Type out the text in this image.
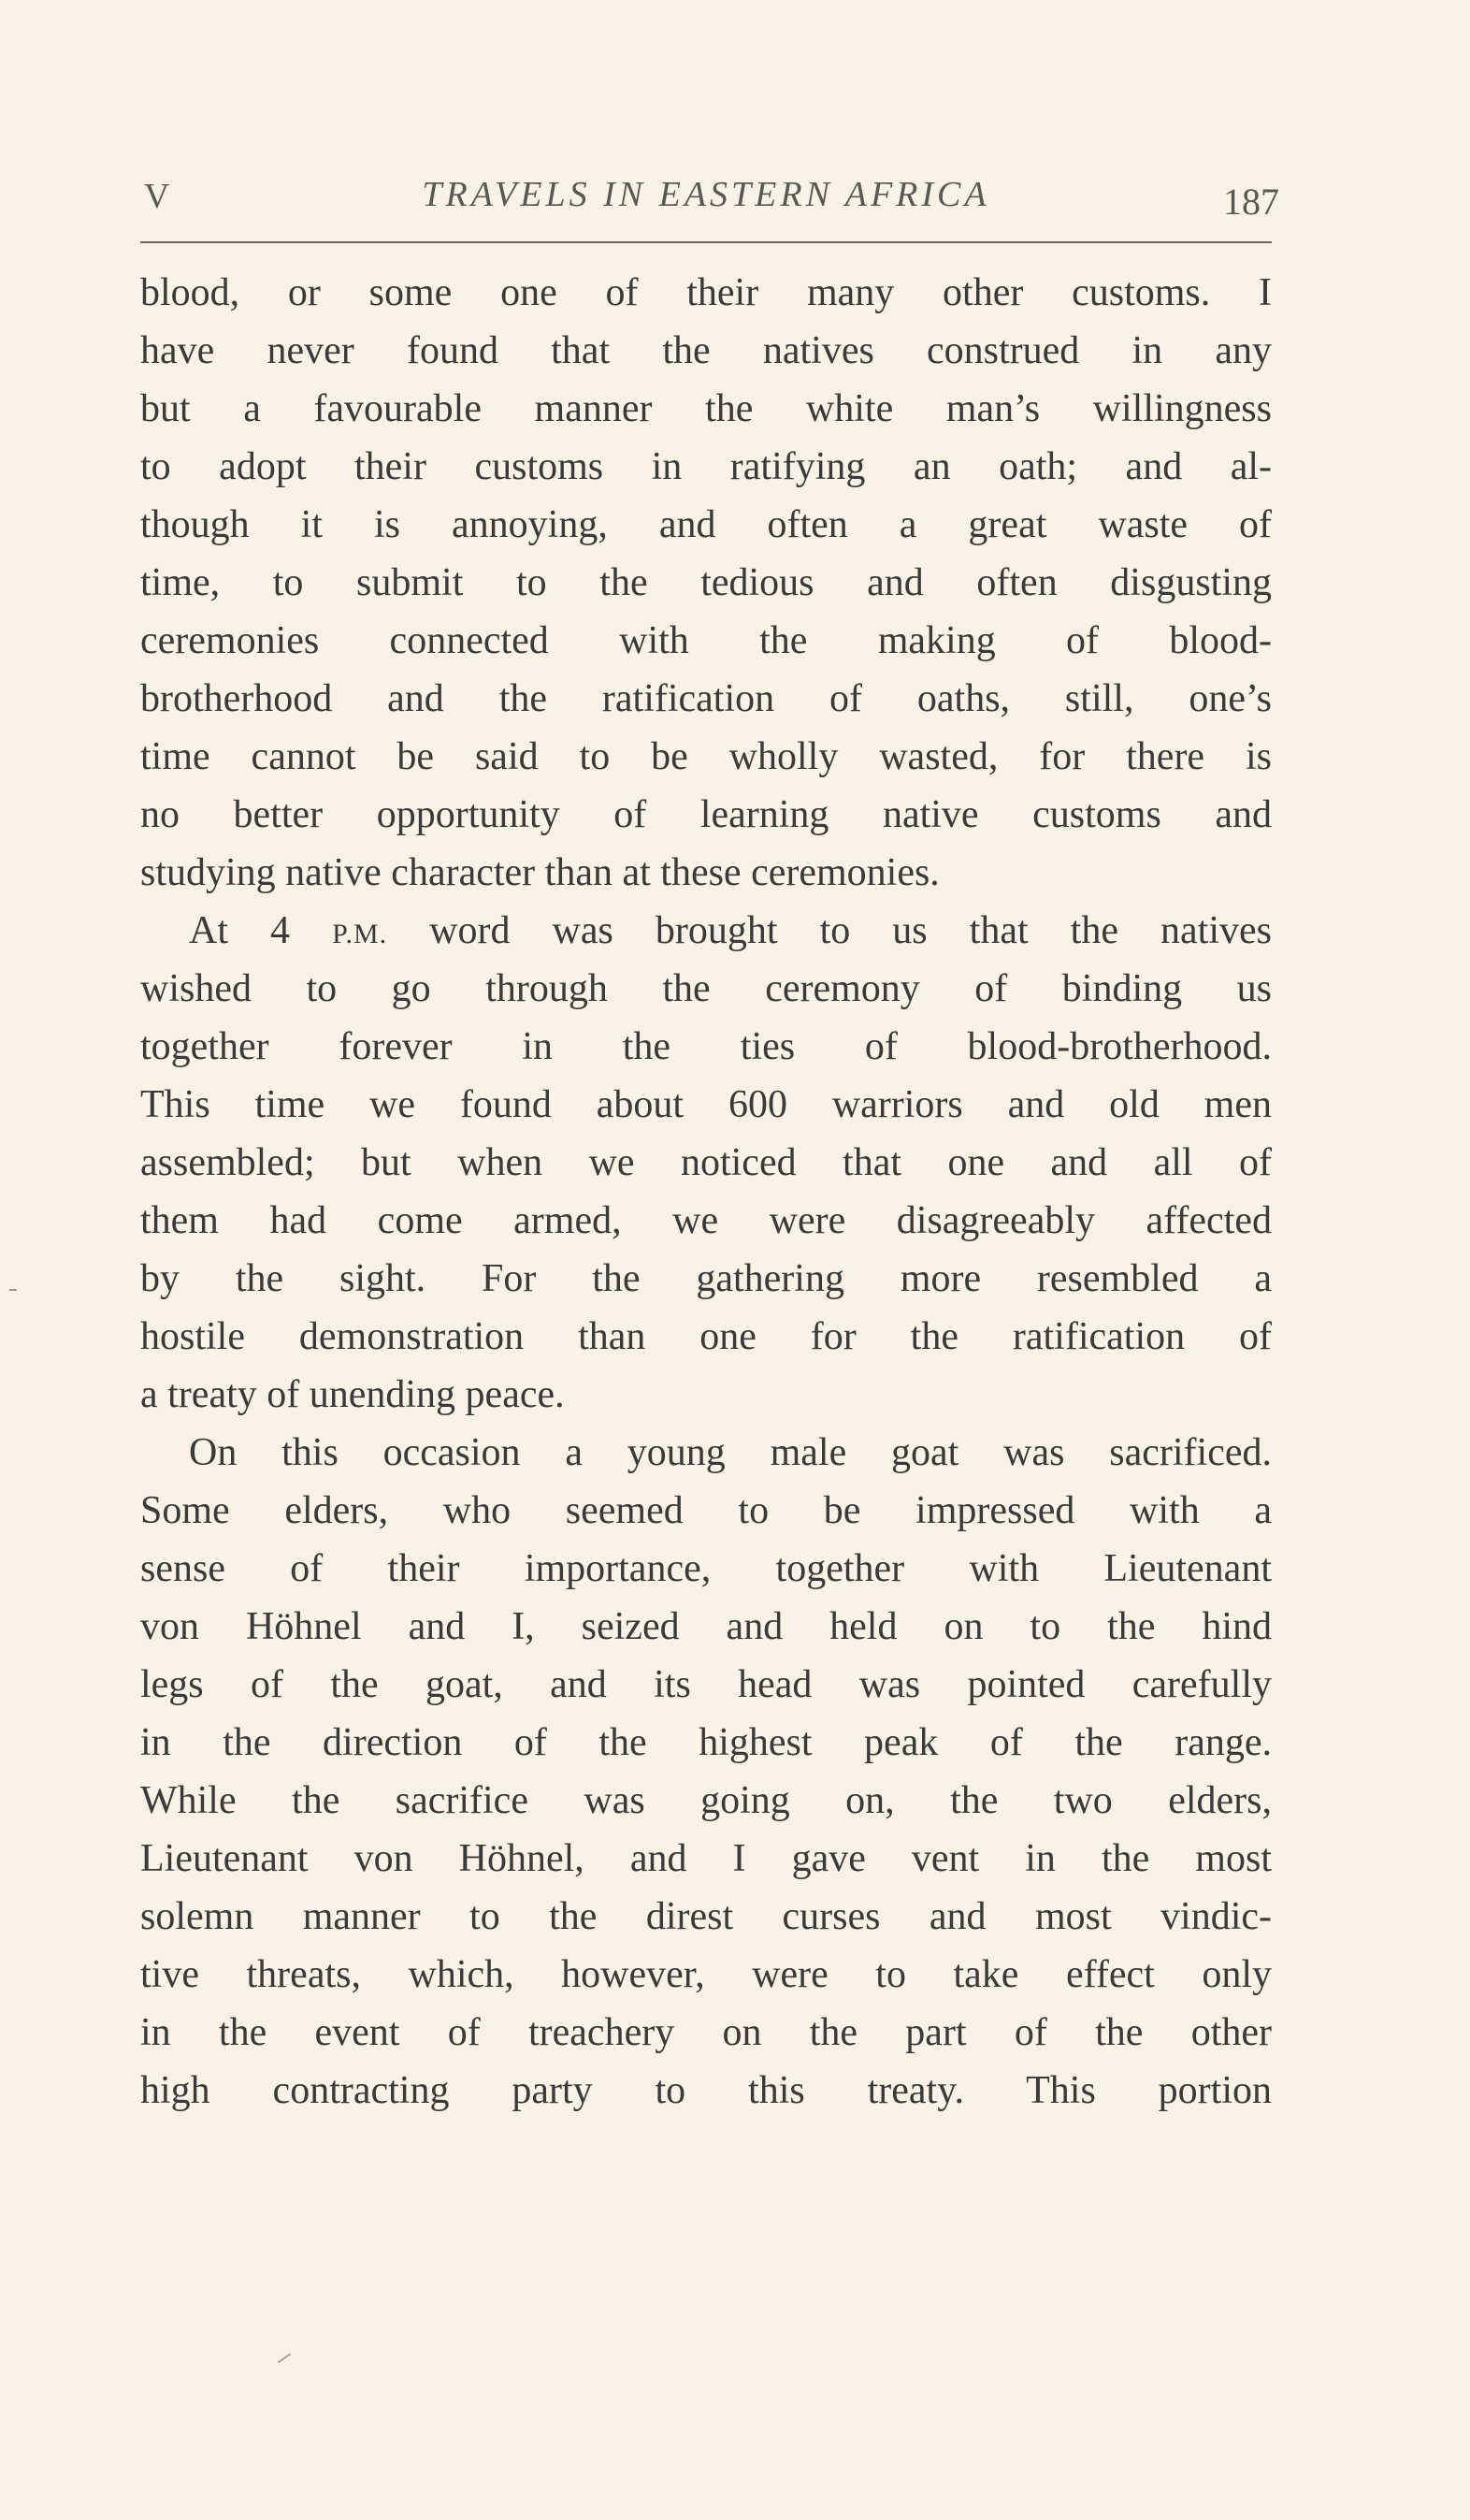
V	TRAVELS IN EASTERN AFRICA	187
blood, or some one of their many other customs. I
have never found that the natives construed in any
but a favourable manner the white man’s willingness
to adopt their customs in ratifying an oath; and al-
though it is annoying, and often a great waste of
time, to submit to the tedious and often disgusting
ceremonies connected with the making of blood-
brotherhood and the ratification of oaths, still, one’s
time cannot be said to be wholly wasted, for there is
no better opportunity of learning native customs and
studying native character than at these ceremonies.
At 4 P.M. word was brought to us that the natives
wished to go through the ceremony of binding us
together forever in the ties of blood-brotherhood.
This time we found about 600 warriors and old men
assembled; but when we noticed that one and all of
them had come armed, we were disagreeably affected
by the sight. For the gathering more resembled a
hostile demonstration than one for the ratification of
a treaty of unending peace.
On this occasion a young male goat was sacrificed.
Some elders, who seemed to be impressed with a
sense of their importance, together with Lieutenant
von Höhnel and I, seized and held on to the hind
legs of the goat, and its head was pointed carefully
in the direction of the highest peak of the range.
While the sacrifice was going on, the two elders,
Lieutenant von Höhnel, and I gave vent in the most
solemn manner to the direst curses and most vindic-
tive threats, which, however, were to take effect only
in the event of treachery on the part of the other
high contracting party to this treaty. This portion
